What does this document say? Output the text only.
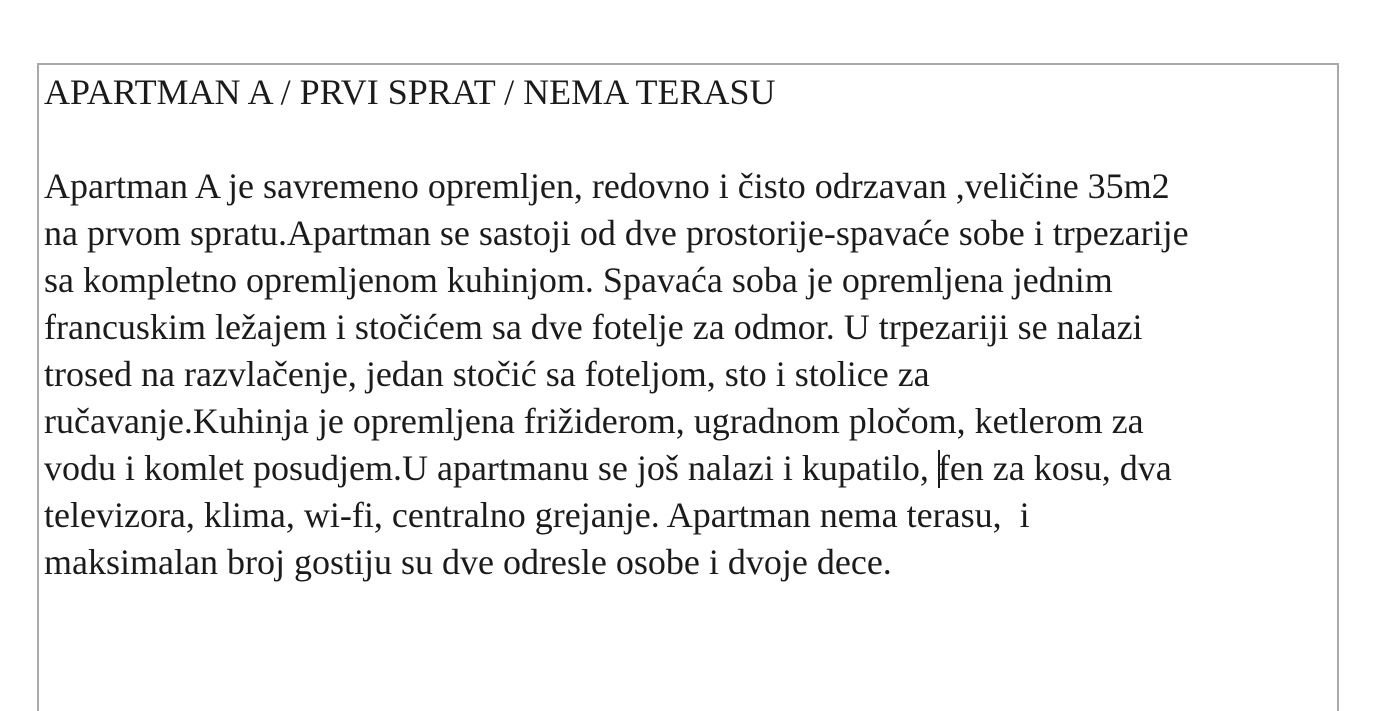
APARTMAN A / PRVI SPRAT / NEMA TERASU
Apartman A je savremeno opremljen, redovno i čisto odrzavan ,veličine 35m2
na prvom spratu.Apartman se sastoji od dve prostorije-spavaće sobe i trpezarije
sa kompletno opremljenom kuhinjom. Spavaća soba je opremljena jednim
francuskim ležajem i stočićem sa dve fotelje za odmor. U trpezariji se nalazi
trosed na razvlačenje, jedan stočić sa foteljom, sto i stolice za
ručavanje.Kuhinja je opremljena frižiderom, ugradnom pločom, ketlerom za
vodu i komlet posudjem.U apartmanu se još nalazi i kupatilo, fen za kosu, dva
televizora, klima, wi-fi, centralno grejanje. Apartman nema terasu,  i
maksimalan broj gostiju su dve odresle osobe i dvoje dece.
